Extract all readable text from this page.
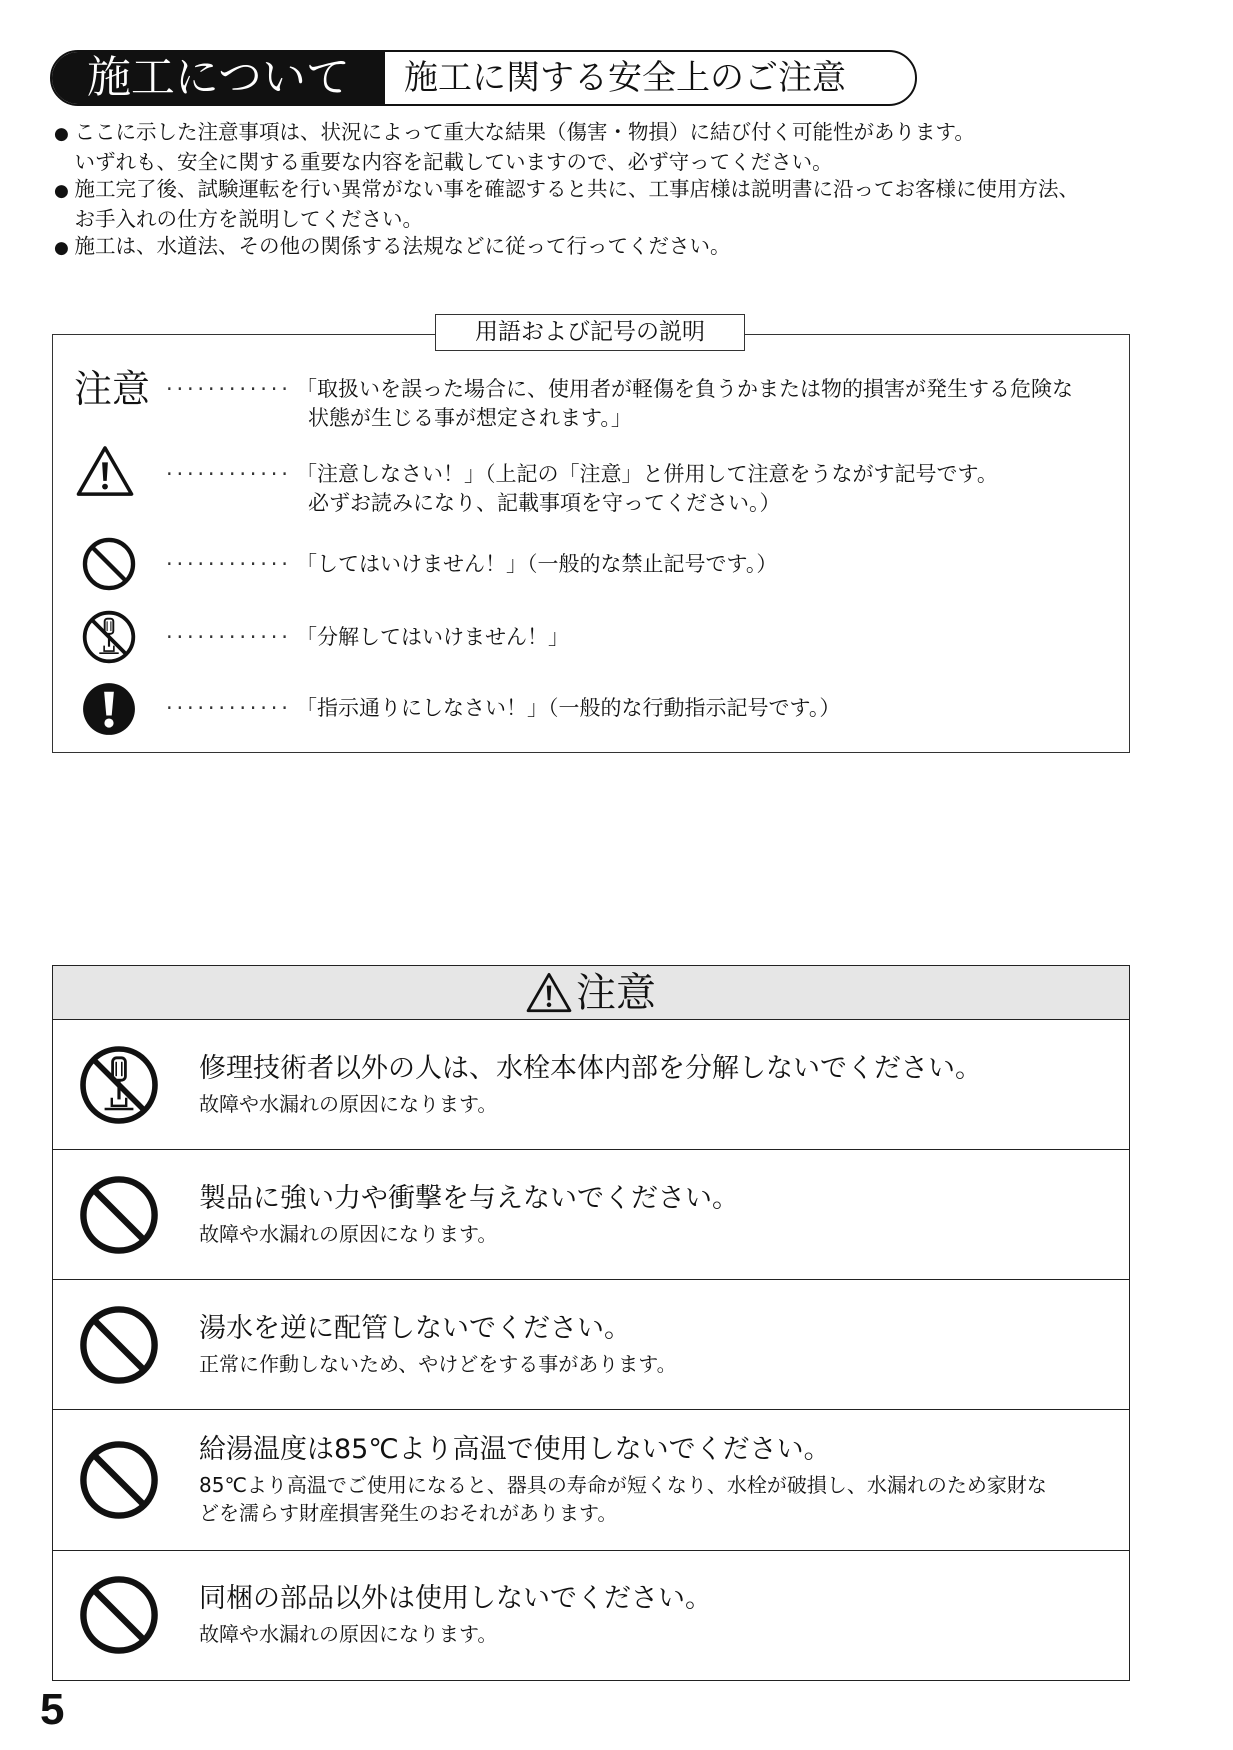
施工について	施工に関する安全上のご注意
● ここに示した注意事項は、状況によって重大な結果（傷害・物損）に結び付く可能性があります。
いずれも、安全に関する重要な内容を記載していますので、必ず守ってください。
● 施工完了後、試験運転を行い異常がない事を確認すると共に、工事店様は説明書に沿ってお客様に使用方法、
お手入れの仕方を説明してください。
● 施工は、水道法、その他の関係する法規などに従って行ってください。
用語および記号の説明
注意 ············ 「取扱いを誤った場合に、使用者が軽傷を負うかまたは物的損害が発生する危険な
状態が生じる事が想定されます。」
············ 「注意しなさい！」（上記の「注意」と併用して注意をうながす記号です。
必ずお読みになり、記載事項を守ってください。）
············ 「してはいけません！」（一般的な禁止記号です。）
············ 「分解してはいけません！」
············ 「指示通りにしなさい！」（一般的な行動指示記号です。）
注意
修理技術者以外の人は、水栓本体内部を分解しないでください。
故障や水漏れの原因になります。
製品に強い力や衝撃を与えないでください。
故障や水漏れの原因になります。
湯水を逆に配管しないでください。
正常に作動しないため、やけどをする事があります。
給湯温度は85℃より高温で使用しないでください。
85℃より高温でご使用になると、器具の寿命が短くなり、水栓が破損し、水漏れのため家財な
どを濡らす財産損害発生のおそれがあります。
同梱の部品以外は使用しないでください。
故障や水漏れの原因になります。
5
